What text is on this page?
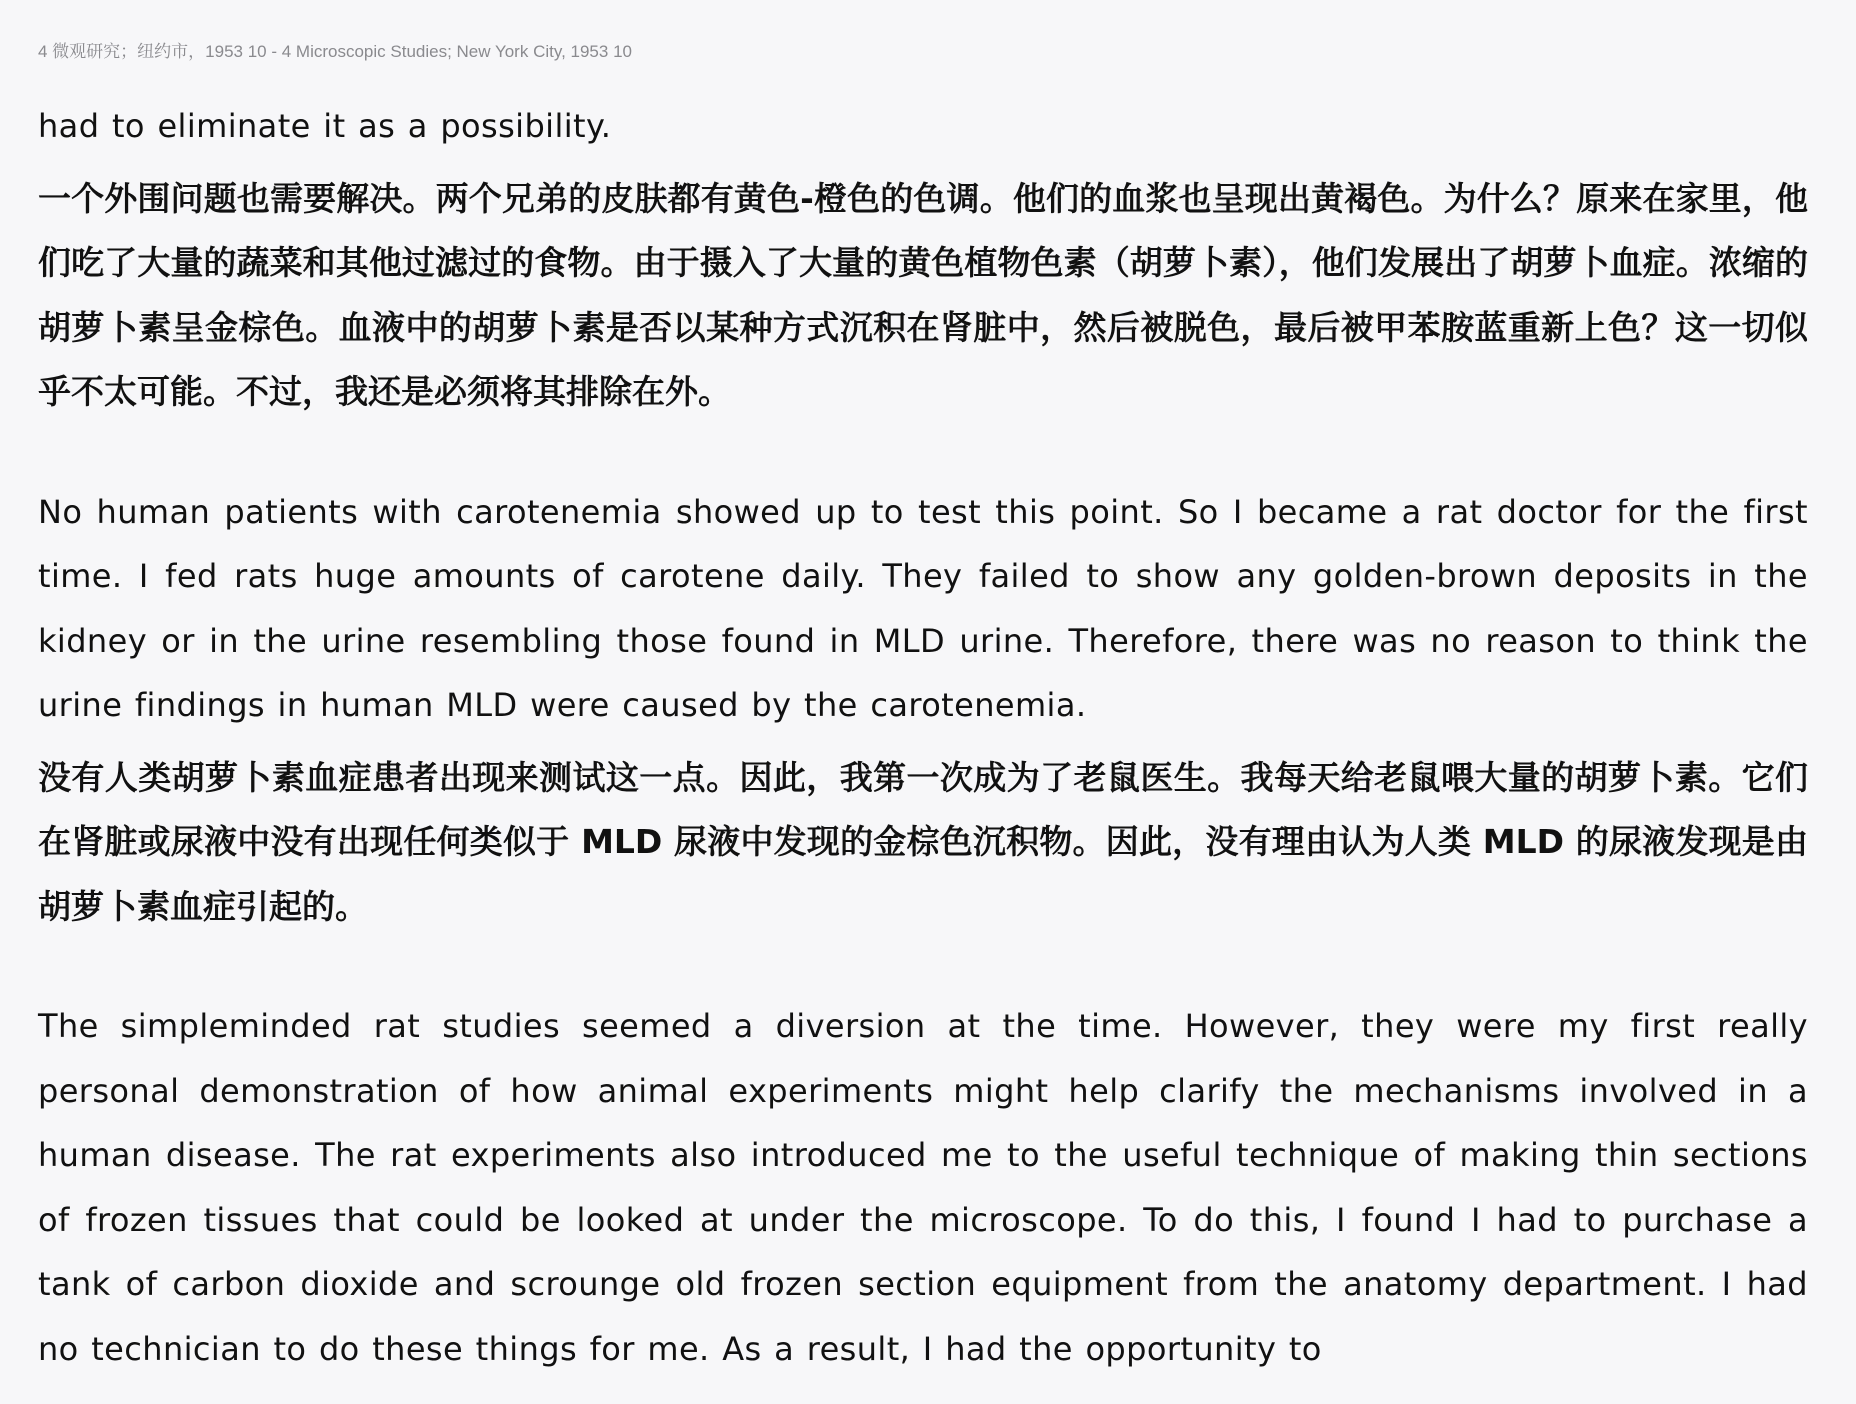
4 微观研究；纽约市，1953 10 - 4 Microscopic Studies; New York City, 1953 10

had to eliminate it as a possibility.

一个外围问题也需要解决。两个兄弟的皮肤都有黄色-橙色的色调。他们的血浆也呈现出黄褐色。为什么？原来在家里，他们吃了大量的蔬菜和其他过滤过的食物。由于摄入了大量的黄色植物色素（胡萝卜素），他们发展出了胡萝卜血症。浓缩的胡萝卜素呈金棕色。血液中的胡萝卜素是否以某种方式沉积在肾脏中，然后被脱色，最后被甲苯胺蓝重新上色？这一切似乎不太可能。不过，我还是必须将其排除在外。

No human patients with carotenemia showed up to test this point. So I became a rat doctor for the first time. I fed rats huge amounts of carotene daily. They failed to show any golden-brown deposits in the kidney or in the urine resembling those found in MLD urine. Therefore, there was no reason to think the urine findings in human MLD were caused by the carotenemia.

没有人类胡萝卜素血症患者出现来测试这一点。因此，我第一次成为了老鼠医生。我每天给老鼠喂大量的胡萝卜素。它们在肾脏或尿液中没有出现任何类似于 MLD 尿液中发现的金棕色沉积物。因此，没有理由认为人类 MLD 的尿液发现是由胡萝卜素血症引起的。

The simpleminded rat studies seemed a diversion at the time. However, they were my first really personal demonstration of how animal experiments might help clarify the mechanisms involved in a human disease. The rat experiments also introduced me to the useful technique of making thin sections of frozen tissues that could be looked at under the microscope. To do this, I found I had to purchase a tank of carbon dioxide and scrounge old frozen section equipment from the anatomy department. I had no technician to do these things for me. As a result, I had the opportunity to
